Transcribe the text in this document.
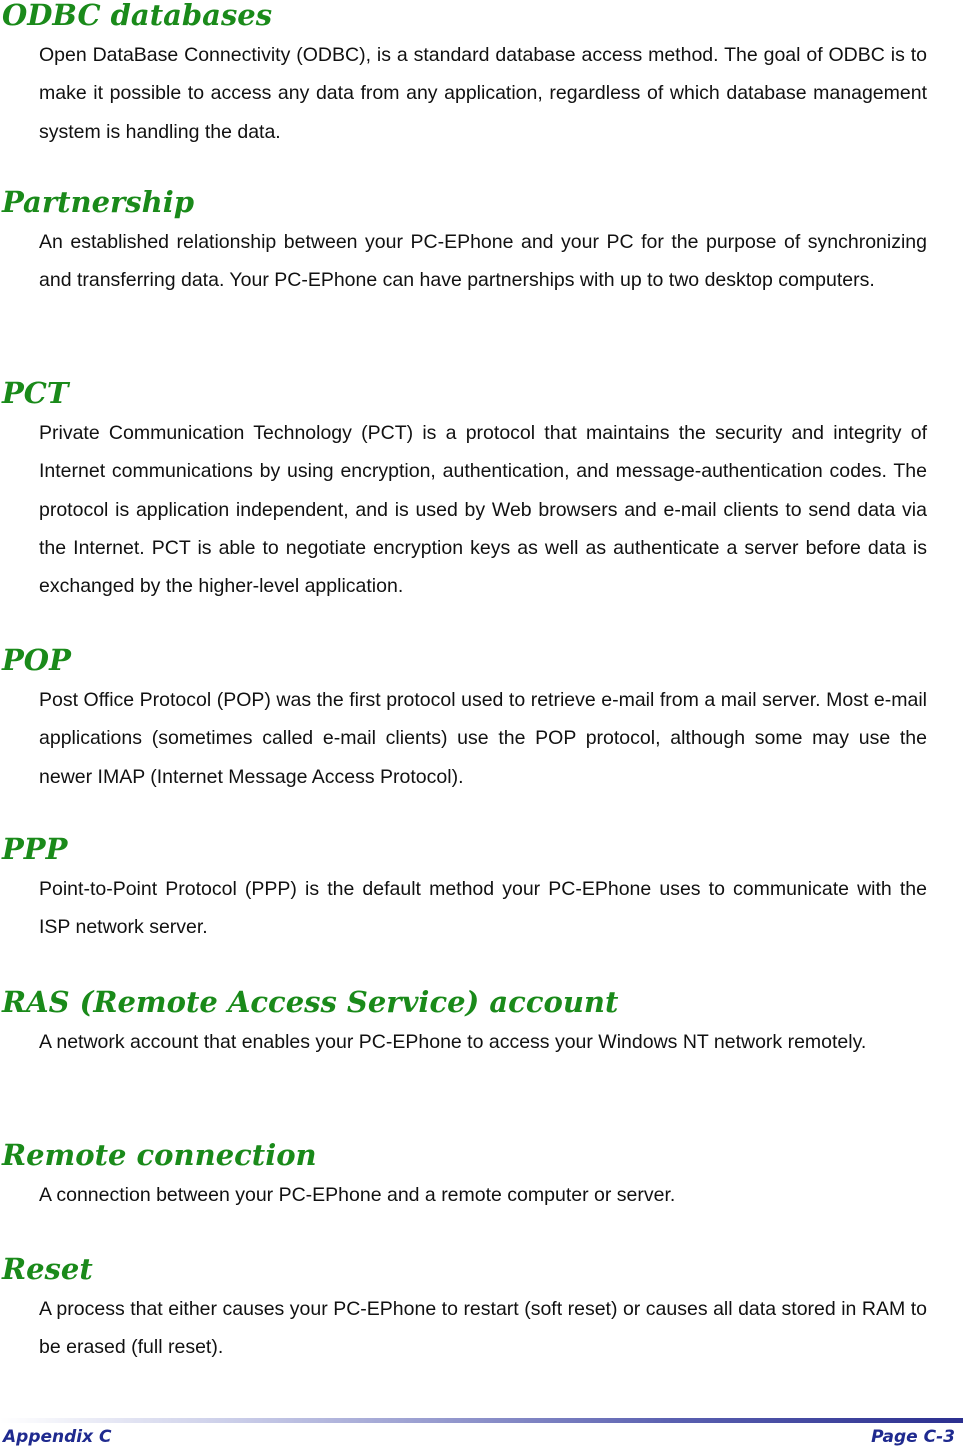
ODBC databases

Open DataBase Connectivity (ODBC), is a standard database access method. The goal of ODBC is to make it possible to access any data from any application, regardless of which database management system is handling the data.

Partnership

An established relationship between your PC-EPhone and your PC for the purpose of synchronizing and transferring data. Your PC-EPhone can have partnerships with up to two desktop computers.

PCT

Private Communication Technology (PCT) is a protocol that maintains the security and integrity of Internet communications by using encryption, authentication, and message-authentication codes. The protocol is application independent, and is used by Web browsers and e-mail clients to send data via the Internet. PCT is able to negotiate encryption keys as well as authenticate a server before data is exchanged by the higher-level application.

POP

Post Office Protocol (POP) was the first protocol used to retrieve e-mail from a mail server. Most e-mail applications (sometimes called e-mail clients) use the POP protocol, although some may use the newer IMAP (Internet Message Access Protocol).

PPP

Point-to-Point Protocol (PPP) is the default method your PC-EPhone uses to communicate with the ISP network server.

RAS (Remote Access Service) account

A network account that enables your PC-EPhone to access your Windows NT network remotely.

Remote connection

A connection between your PC-EPhone and a remote computer or server.

Reset

A process that either causes your PC-EPhone to restart (soft reset) or causes all data stored in RAM to be erased (full reset).

Appendix C	Page C-3
